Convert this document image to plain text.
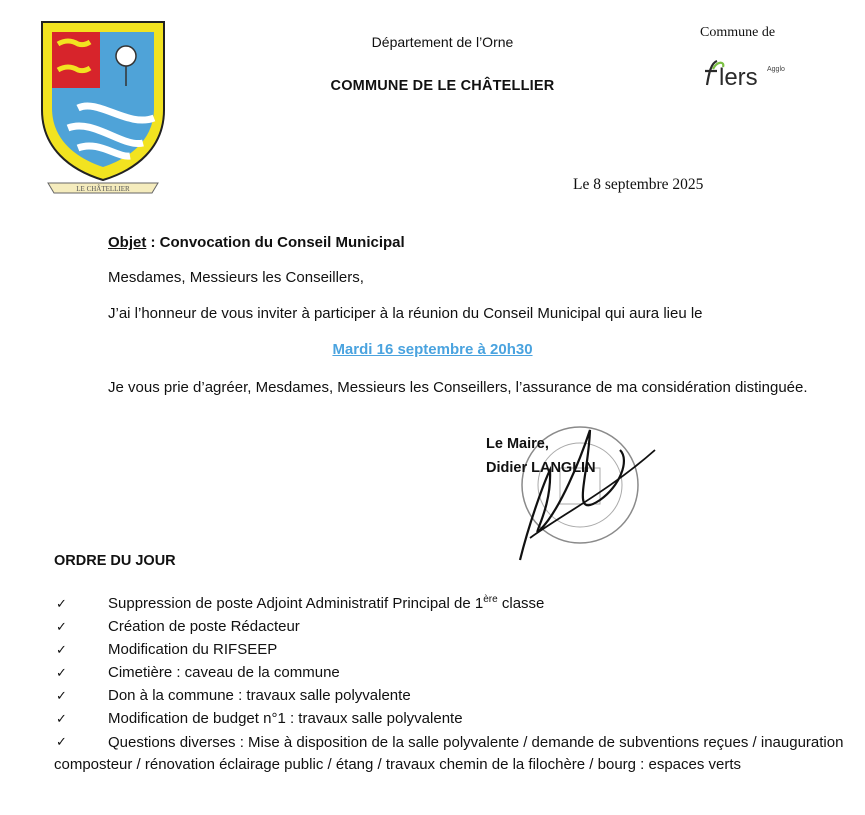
LE CHÂTELLIER
Département de l’Orne
COMMUNE DE LE CHÂTELLIER
Commune de
lers Agglo
Le 8 septembre 2025
Objet : Convocation du Conseil Municipal
Mesdames, Messieurs les Conseillers,
J’ai l’honneur de vous inviter à participer à la réunion du Conseil Municipal qui aura lieu le
Mardi 16 septembre à 20h30
Je vous prie d’agréer, Mesdames, Messieurs les Conseillers, l’assurance de ma considération distinguée.
Le Maire,
Didier LANGLIN
ORDRE DU JOUR
✓	Suppression de poste Adjoint Administratif Principal de 1ère classe
✓	Création de poste Rédacteur
✓	Modification du RIFSEEP
✓	Cimetière : caveau de la commune
✓	Don à la commune : travaux salle polyvalente
✓	Modification de budget n°1 : travaux salle polyvalente
✓	Questions diverses : Mise à disposition de la salle polyvalente / demande de subventions reçues / inauguration composteur / rénovation éclairage public / étang / travaux chemin de la filochère / bourg : espaces verts
